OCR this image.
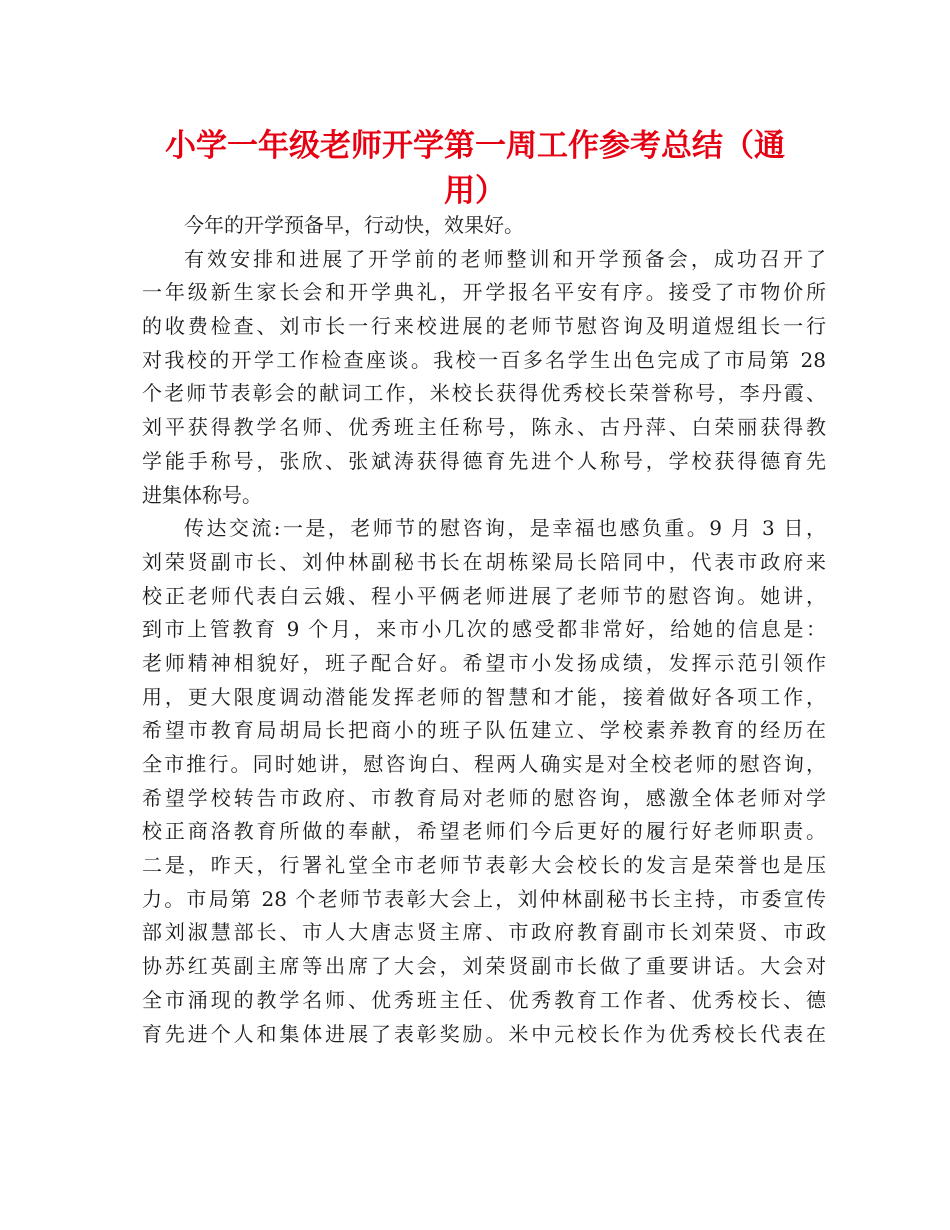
小学一年级老师开学第一周工作参考总结（通
用）
今年的开学预备早，行动快，效果好。
有效安排和进展了开学前的老师整训和开学预备会，成功召开了
一年级新生家长会和开学典礼，开学报名平安有序。接受了市物价所
的收费检查、刘市长一行来校进展的老师节慰咨询及明道煜组长一行
对我校的开学工作检查座谈。我校一百多名学生出色完成了市局第 28
个老师节表彰会的献词工作，米校长获得优秀校长荣誉称号，李丹霞、
刘平获得教学名师、优秀班主任称号，陈永、古丹萍、白荣丽获得教
学能手称号，张欣、张斌涛获得德育先进个人称号，学校获得德育先
进集体称号。
传达交流:一是，老师节的慰咨询，是幸福也感负重。9 月 3 日，
刘荣贤副市长、刘仲林副秘书长在胡栋梁局长陪同中，代表市政府来
校正老师代表白云娥、程小平俩老师进展了老师节的慰咨询。她讲，
到市上管教育 9 个月，来市小几次的感受都非常好，给她的信息是：
老师精神相貌好，班子配合好。希望市小发扬成绩，发挥示范引领作
用，更大限度调动潜能发挥老师的智慧和才能，接着做好各项工作，
希望市教育局胡局长把商小的班子队伍建立、学校素养教育的经历在
全市推行。同时她讲，慰咨询白、程两人确实是对全校老师的慰咨询，
希望学校转告市政府、市教育局对老师的慰咨询，感激全体老师对学
校正商洛教育所做的奉献，希望老师们今后更好的履行好老师职责。
二是，昨天，行署礼堂全市老师节表彰大会校长的发言是荣誉也是压
力。市局第 28 个老师节表彰大会上，刘仲林副秘书长主持，市委宣传
部刘淑慧部长、市人大唐志贤主席、市政府教育副市长刘荣贤、市政
协苏红英副主席等出席了大会，刘荣贤副市长做了重要讲话。大会对
全市涌现的教学名师、优秀班主任、优秀教育工作者、优秀校长、德
育先进个人和集体进展了表彰奖励。米中元校长作为优秀校长代表在
